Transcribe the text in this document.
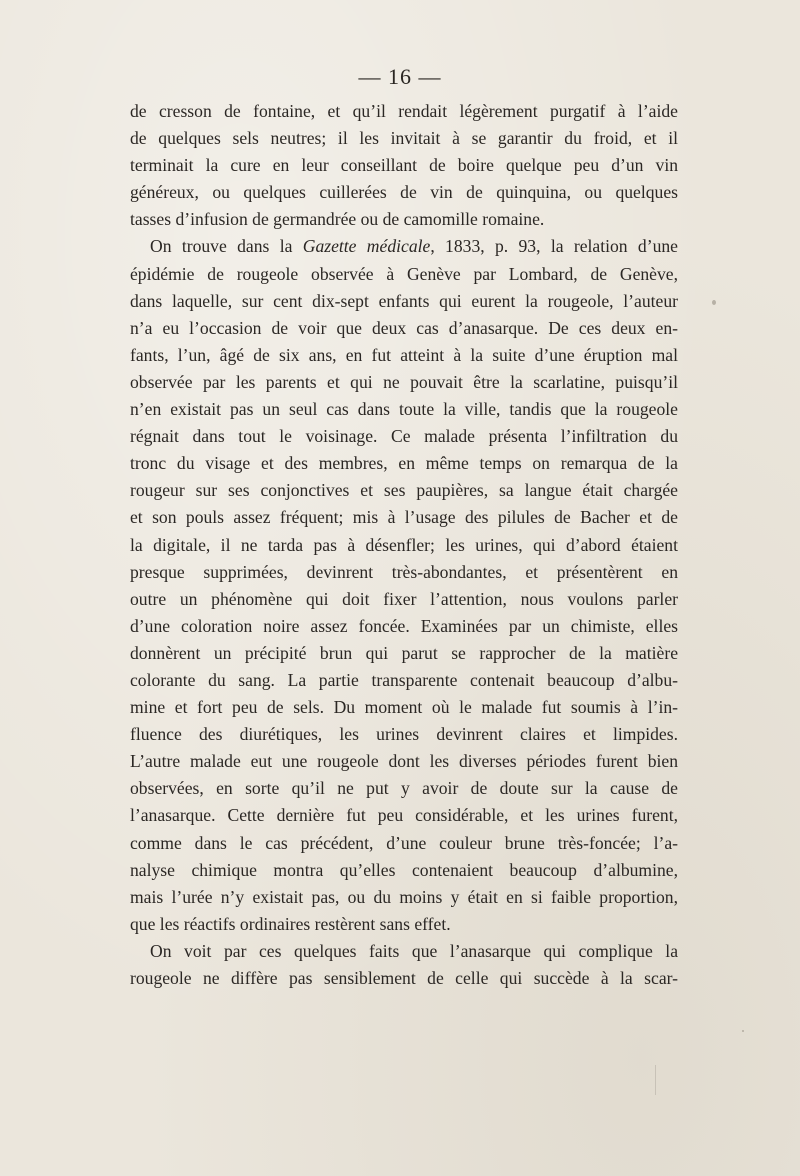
— 16 —
de cresson de fontaine, et qu’il rendait légèrement purgatif à l’aide
de quelques sels neutres; il les invitait à se garantir du froid, et il
terminait la cure en leur conseillant de boire quelque peu d’un vin
généreux, ou quelques cuillerées de vin de quinquina, ou quelques
tasses d’infusion de germandrée ou de camomille romaine.
On trouve dans la Gazette médicale, 1833, p. 93, la relation d’une
épidémie de rougeole observée à Genève par Lombard, de Genève,
dans laquelle, sur cent dix-sept enfants qui eurent la rougeole, l’auteur
n’a eu l’occasion de voir que deux cas d’anasarque. De ces deux en-
fants, l’un, âgé de six ans, en fut atteint à la suite d’une éruption mal
observée par les parents et qui ne pouvait être la scarlatine, puisqu’il
n’en existait pas un seul cas dans toute la ville, tandis que la rougeole
régnait dans tout le voisinage. Ce malade présenta l’infiltration du
tronc du visage et des membres, en même temps on remarqua de la
rougeur sur ses conjonctives et ses paupières, sa langue était chargée
et son pouls assez fréquent; mis à l’usage des pilules de Bacher et de
la digitale, il ne tarda pas à désenfler; les urines, qui d’abord étaient
presque supprimées, devinrent très-abondantes, et présentèrent en
outre un phénomène qui doit fixer l’attention, nous voulons parler
d’une coloration noire assez foncée. Examinées par un chimiste, elles
donnèrent un précipité brun qui parut se rapprocher de la matière
colorante du sang. La partie transparente contenait beaucoup d’albu-
mine et fort peu de sels. Du moment où le malade fut soumis à l’in-
fluence des diurétiques, les urines devinrent claires et limpides.
L’autre malade eut une rougeole dont les diverses périodes furent bien
observées, en sorte qu’il ne put y avoir de doute sur la cause de
l’anasarque. Cette dernière fut peu considérable, et les urines furent,
comme dans le cas précédent, d’une couleur brune très-foncée; l’a-
nalyse chimique montra qu’elles contenaient beaucoup d’albumine,
mais l’urée n’y existait pas, ou du moins y était en si faible proportion,
que les réactifs ordinaires restèrent sans effet.
On voit par ces quelques faits que l’anasarque qui complique la
rougeole ne diffère pas sensiblement de celle qui succède à la scar-
